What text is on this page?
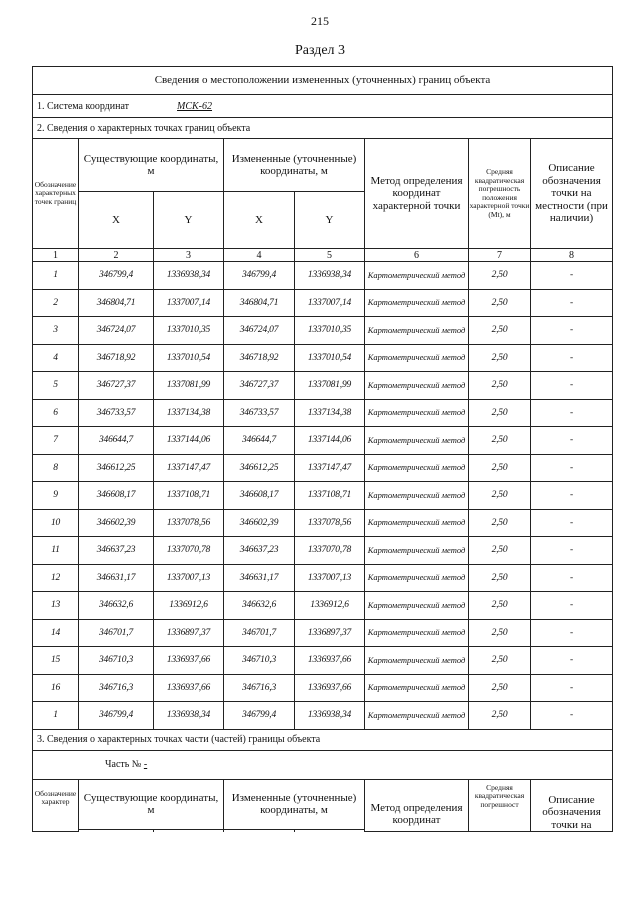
215
Раздел 3
Сведения о местоположении измененных (уточненных) границ объекта							
1. Система координат МСК-62							
2. Сведения о характерных точках границ объекта							
Обозначение характерных точек границ	Существующие координаты, м		Измененные (уточненные) координаты, м		Метод определения координат характерной точки	Средняя квадратическая погрешность положения характерной точки (Mt), м	Описание обозначения точки на местности (при наличии)
	X	Y	X	Y			
1	2	3	4	5	6	7	8
1	346799,4	1336938,34	346799,4	1336938,34	Картометрический метод	2,50	-
2	346804,71	1337007,14	346804,71	1337007,14	Картометрический метод	2,50	-
3	346724,07	1337010,35	346724,07	1337010,35	Картометрический метод	2,50	-
4	346718,92	1337010,54	346718,92	1337010,54	Картометрический метод	2,50	-
5	346727,37	1337081,99	346727,37	1337081,99	Картометрический метод	2,50	-
6	346733,57	1337134,38	346733,57	1337134,38	Картометрический метод	2,50	-
7	346644,7	1337144,06	346644,7	1337144,06	Картометрический метод	2,50	-
8	346612,25	1337147,47	346612,25	1337147,47	Картометрический метод	2,50	-
9	346608,17	1337108,71	346608,17	1337108,71	Картометрический метод	2,50	-
10	346602,39	1337078,56	346602,39	1337078,56	Картометрический метод	2,50	-
11	346637,23	1337070,78	346637,23	1337070,78	Картометрический метод	2,50	-
12	346631,17	1337007,13	346631,17	1337007,13	Картометрический метод	2,50	-
13	346632,6	1336912,6	346632,6	1336912,6	Картометрический метод	2,50	-
14	346701,7	1336897,37	346701,7	1336897,37	Картометрический метод	2,50	-
15	346710,3	1336937,66	346710,3	1336937,66	Картометрический метод	2,50	-
16	346716,3	1336937,66	346716,3	1336937,66	Картометрический метод	2,50	-
1	346799,4	1336938,34	346799,4	1336938,34	Картометрический метод	2,50	-
3. Сведения о характерных точках части (частей) границы объекта							
Часть № -							
Обозначение характер	Существующие координаты, м		Измененные (уточненные) координаты, м		Метод определения координат	Средняя квадратическая погрешност	Описание обозначения точки на
